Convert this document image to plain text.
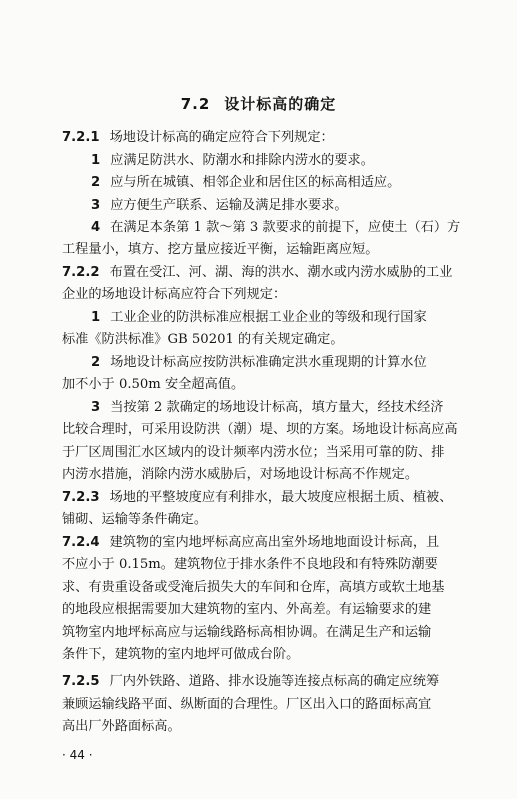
7.2 设计标高的确定
7.2.1 场地设计标高的确定应符合下列规定：
1 应满足防洪水、防潮水和排除内涝水的要求。
2 应与所在城镇、相邻企业和居住区的标高相适应。
3 应方便生产联系、运输及满足排水要求。
4 在满足本条第 1 款～第 3 款要求的前提下，应使土（石）方
工程量小，填方、挖方量应接近平衡，运输距离应短。
7.2.2 布置在受江、河、湖、海的洪水、潮水或内涝水威胁的工业
企业的场地设计标高应符合下列规定：
1 工业企业的防洪标准应根据工业企业的等级和现行国家
标准《防洪标准》GB 50201 的有关规定确定。
2 场地设计标高应按防洪标准确定洪水重现期的计算水位
加不小于 0.50m 安全超高值。
3 当按第 2 款确定的场地设计标高，填方量大，经技术经济
比较合理时，可采用设防洪（潮）堤、坝的方案。场地设计标高应高
于厂区周围汇水区域内的设计频率内涝水位；当采用可靠的防、排
内涝水措施，消除内涝水威胁后，对场地设计标高不作规定。
7.2.3 场地的平整坡度应有利排水，最大坡度应根据土质、植被、
铺砌、运输等条件确定。
7.2.4 建筑物的室内地坪标高应高出室外场地地面设计标高，且
不应小于 0.15m。建筑物位于排水条件不良地段和有特殊防潮要
求、有贵重设备或受淹后损失大的车间和仓库，高填方或软土地基
的地段应根据需要加大建筑物的室内、外高差。有运输要求的建
筑物室内地坪标高应与运输线路标高相协调。在满足生产和运输
条件下，建筑物的室内地坪可做成台阶。
7.2.5 厂内外铁路、道路、排水设施等连接点标高的确定应统筹
兼顾运输线路平面、纵断面的合理性。厂区出入口的路面标高宜
高出厂外路面标高。
· 44 ·
